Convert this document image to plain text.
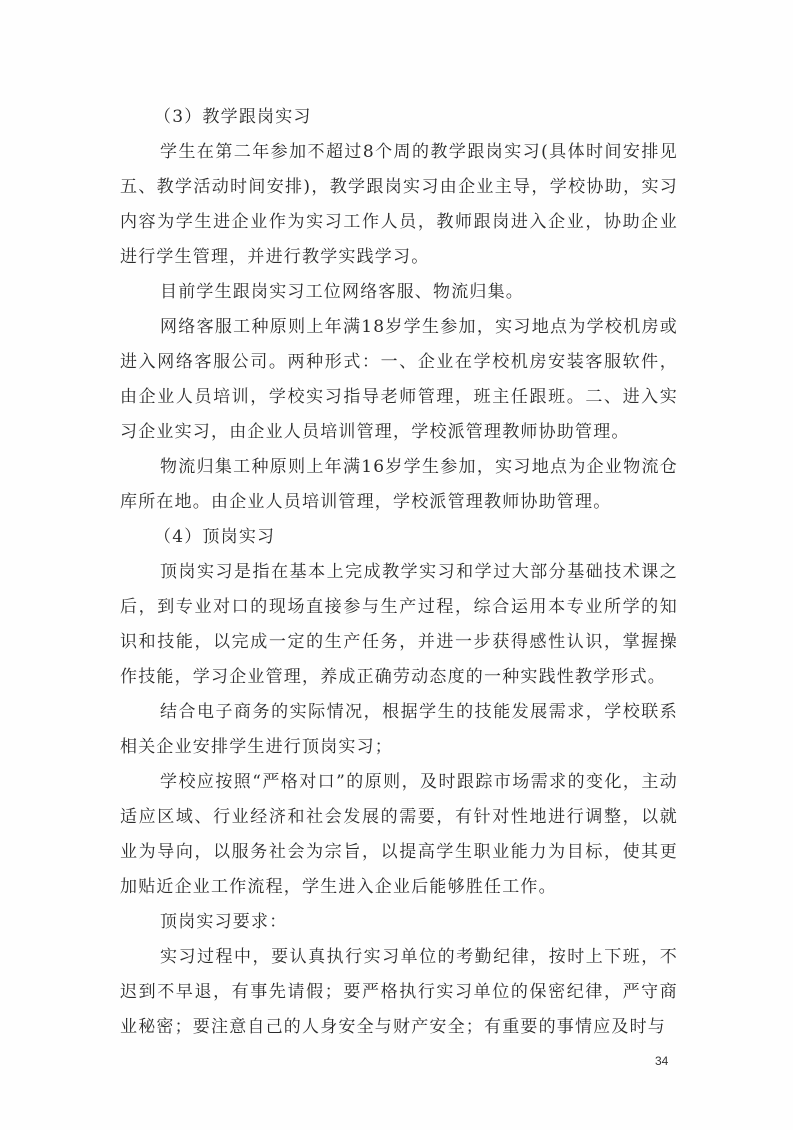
（3）教学跟岗实习

学生在第二年参加不超过8个周的教学跟岗实习(具体时间安排见五、教学活动时间安排)，教学跟岗实习由企业主导，学校协助，实习内容为学生进企业作为实习工作人员，教师跟岗进入企业，协助企业进行学生管理，并进行教学实践学习。

目前学生跟岗实习工位网络客服、物流归集。

网络客服工种原则上年满18岁学生参加，实习地点为学校机房或进入网络客服公司。两种形式：一、企业在学校机房安装客服软件，由企业人员培训，学校实习指导老师管理，班主任跟班。二、进入实习企业实习，由企业人员培训管理，学校派管理教师协助管理。

物流归集工种原则上年满16岁学生参加，实习地点为企业物流仓库所在地。由企业人员培训管理，学校派管理教师协助管理。

（4）顶岗实习

顶岗实习是指在基本上完成教学实习和学过大部分基础技术课之后，到专业对口的现场直接参与生产过程，综合运用本专业所学的知识和技能，以完成一定的生产任务，并进一步获得感性认识，掌握操作技能，学习企业管理，养成正确劳动态度的一种实践性教学形式。

结合电子商务的实际情况，根据学生的技能发展需求，学校联系相关企业安排学生进行顶岗实习；

学校应按照“严格对口”的原则，及时跟踪市场需求的变化，主动适应区域、行业经济和社会发展的需要，有针对性地进行调整，以就业为导向，以服务社会为宗旨，以提高学生职业能力为目标，使其更加贴近企业工作流程，学生进入企业后能够胜任工作。

顶岗实习要求：

实习过程中，要认真执行实习单位的考勤纪律，按时上下班，不迟到不早退，有事先请假；要严格执行实习单位的保密纪律，严守商业秘密；要注意自己的人身安全与财产安全；有重要的事情应及时与

34
